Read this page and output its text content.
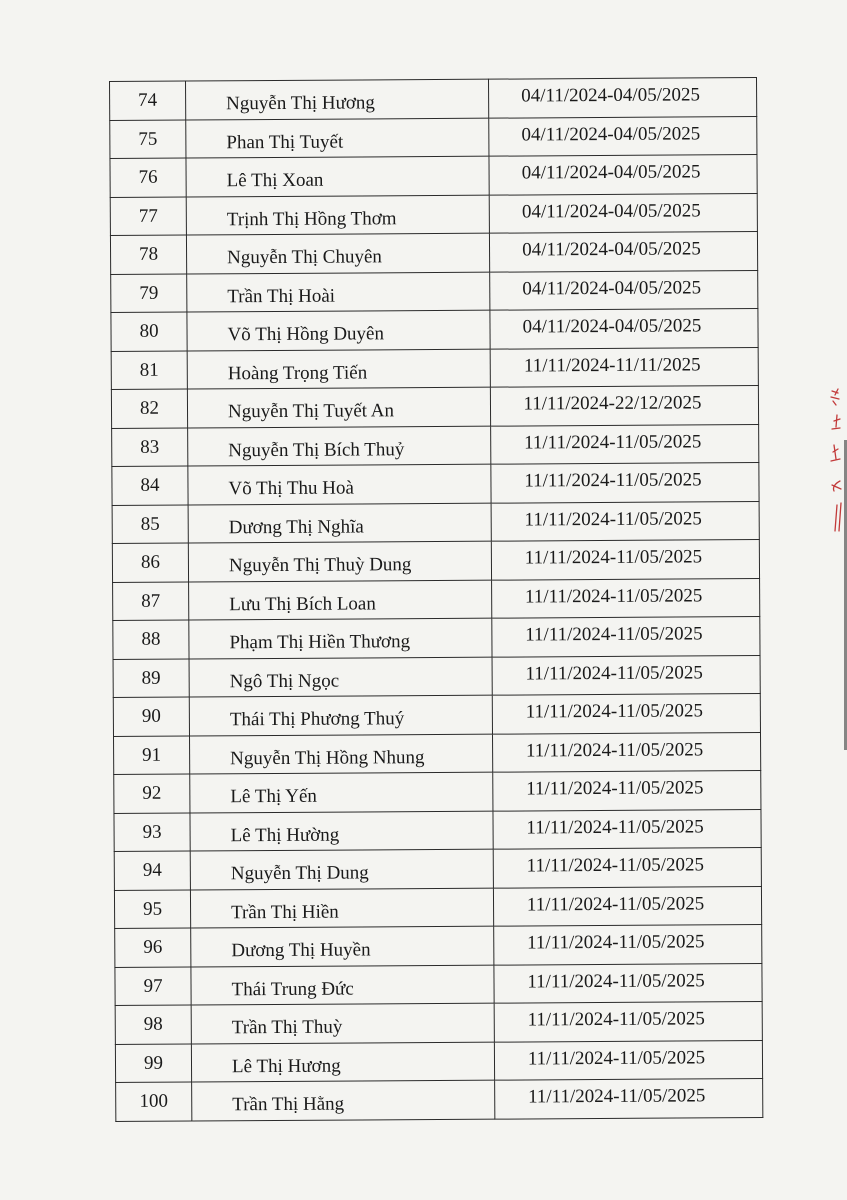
74	Nguyễn Thị Hương	04/11/2024-04/05/2025
75	Phan Thị Tuyết	04/11/2024-04/05/2025
76	Lê Thị Xoan	04/11/2024-04/05/2025
77	Trịnh Thị Hồng Thơm	04/11/2024-04/05/2025
78	Nguyễn Thị Chuyên	04/11/2024-04/05/2025
79	Trần Thị Hoài	04/11/2024-04/05/2025
80	Võ Thị Hồng Duyên	04/11/2024-04/05/2025
81	Hoàng Trọng Tiến	11/11/2024-11/11/2025
82	Nguyễn Thị Tuyết An	11/11/2024-22/12/2025
83	Nguyễn Thị Bích Thuỷ	11/11/2024-11/05/2025
84	Võ Thị Thu Hoà	11/11/2024-11/05/2025
85	Dương Thị Nghĩa	11/11/2024-11/05/2025
86	Nguyễn Thị Thuỳ Dung	11/11/2024-11/05/2025
87	Lưu Thị Bích Loan	11/11/2024-11/05/2025
88	Phạm Thị Hiền Thương	11/11/2024-11/05/2025
89	Ngô Thị Ngọc	11/11/2024-11/05/2025
90	Thái Thị Phương Thuý	11/11/2024-11/05/2025
91	Nguyễn Thị Hồng Nhung	11/11/2024-11/05/2025
92	Lê Thị Yến	11/11/2024-11/05/2025
93	Lê Thị Hường	11/11/2024-11/05/2025
94	Nguyễn Thị Dung	11/11/2024-11/05/2025
95	Trần Thị Hiền	11/11/2024-11/05/2025
96	Dương Thị Huyền	11/11/2024-11/05/2025
97	Thái Trung Đức	11/11/2024-11/05/2025
98	Trần Thị Thuỳ	11/11/2024-11/05/2025
99	Lê Thị Hương	11/11/2024-11/05/2025
100	Trần Thị Hằng	11/11/2024-11/05/2025
